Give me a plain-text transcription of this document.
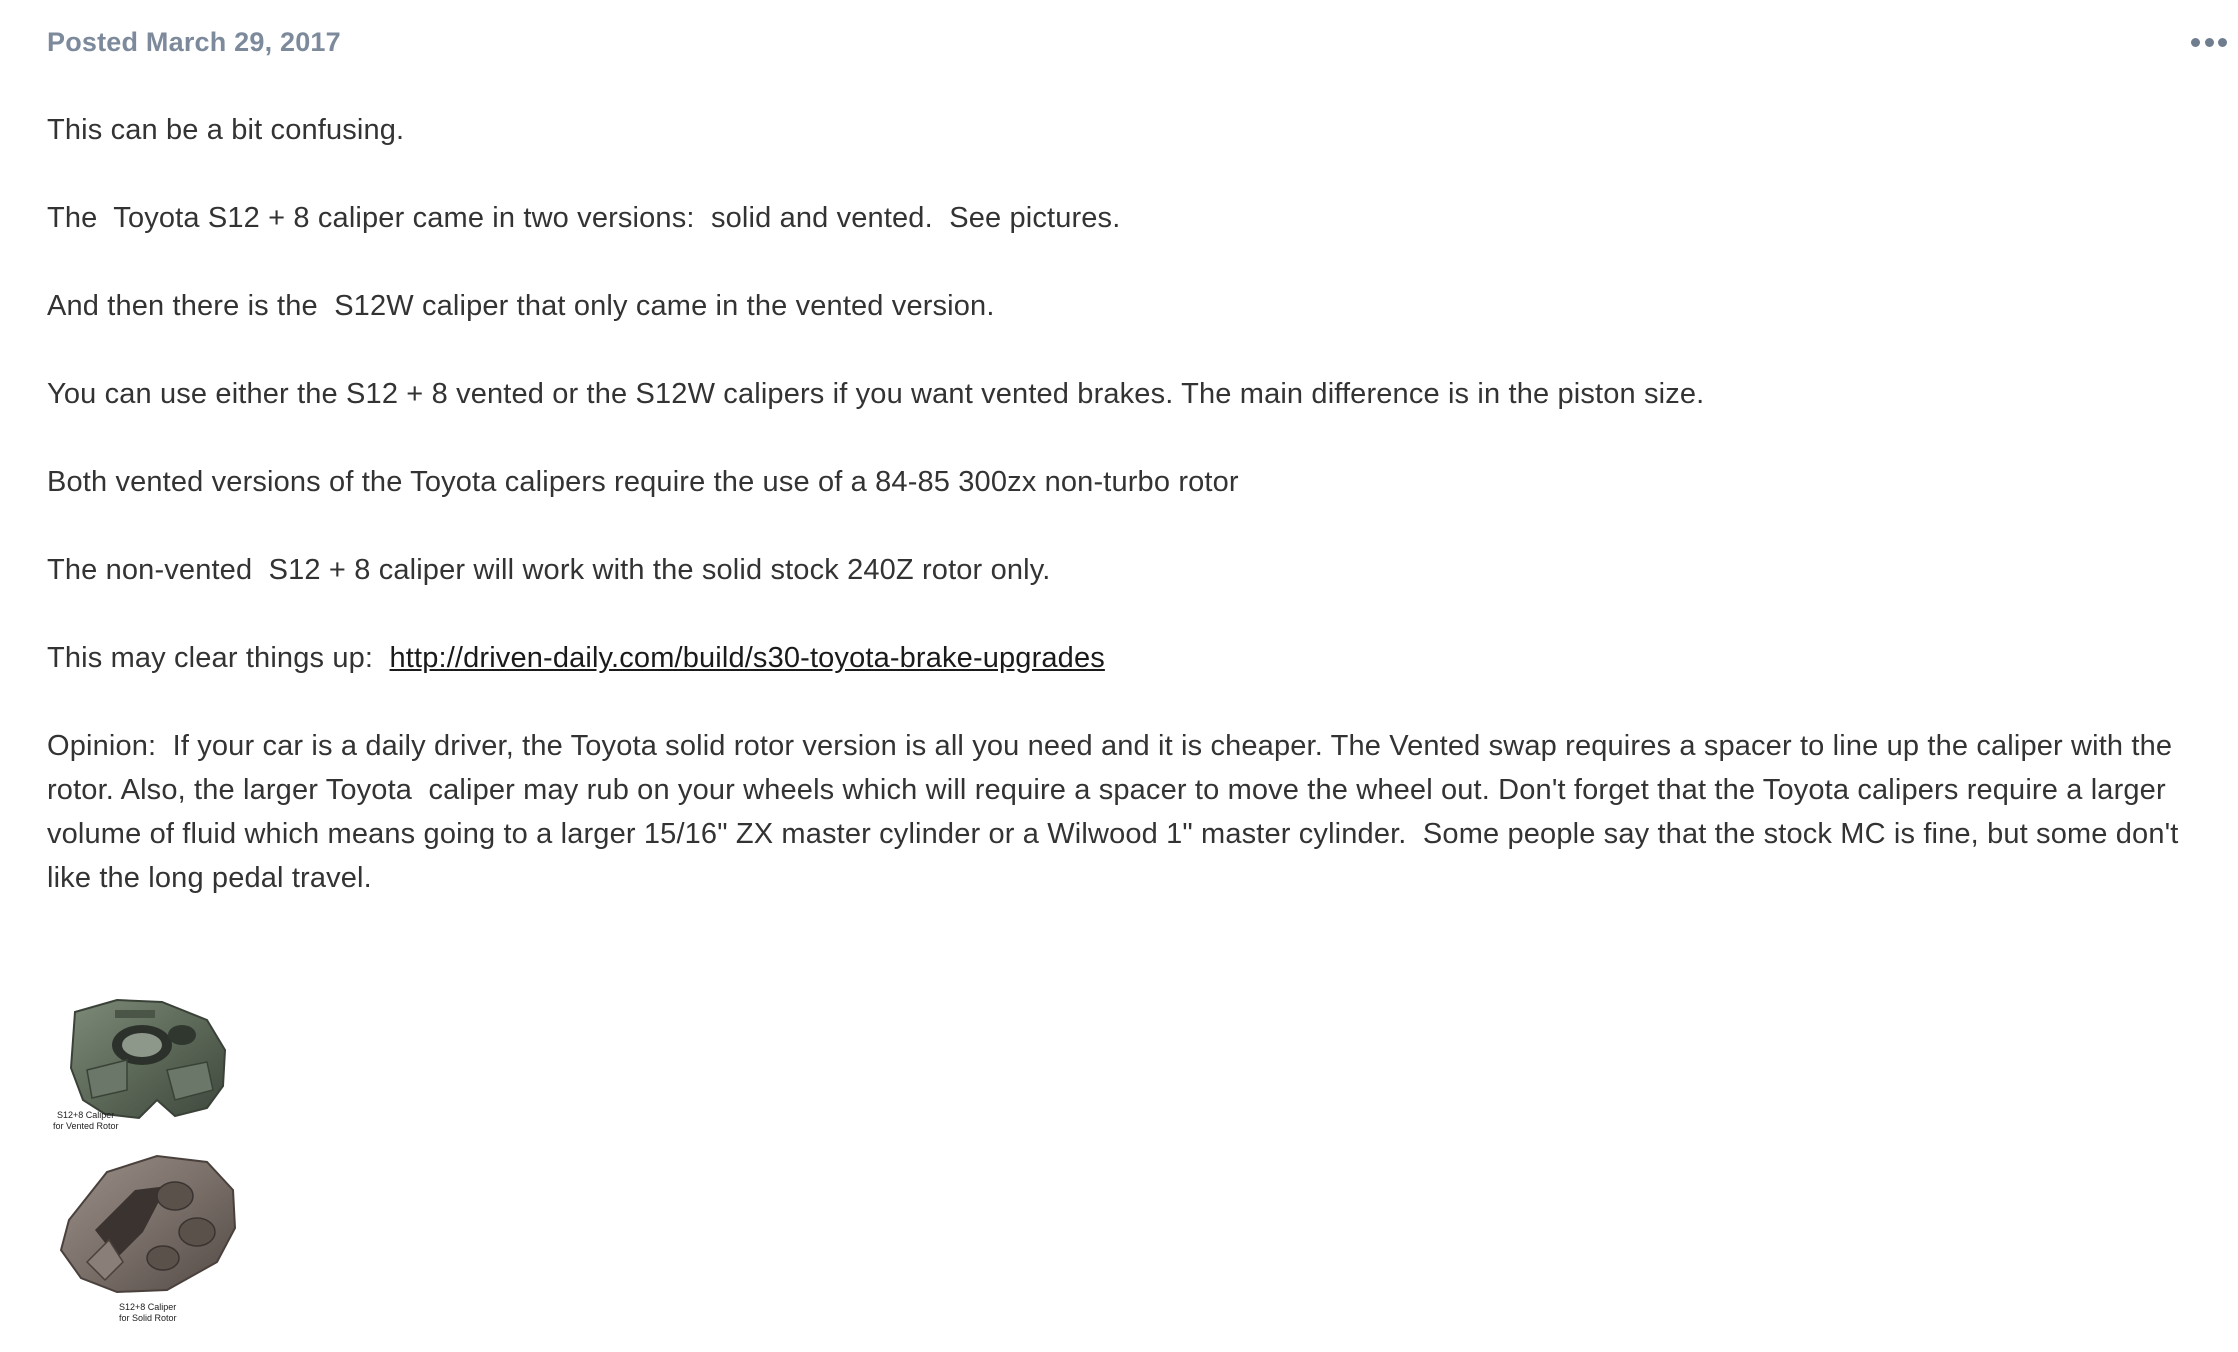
Posted March 29, 2017

This can be a bit confusing.

The  Toyota S12 + 8 caliper came in two versions:  solid and vented.  See pictures.

And then there is the  S12W caliper that only came in the vented version.

You can use either the S12 + 8 vented or the S12W calipers if you want vented brakes. The main difference is in the piston size.

Both vented versions of the Toyota calipers require the use of a 84-85 300zx non-turbo rotor

The non-vented  S12 + 8 caliper will work with the solid stock 240Z rotor only.

This may clear things up:  http://driven-daily.com/build/s30-toyota-brake-upgrades

Opinion:  If your car is a daily driver, the Toyota solid rotor version is all you need and it is cheaper. The Vented swap requires a spacer to line up the caliper with the rotor. Also, the larger Toyota  caliper may rub on your wheels which will require a spacer to move the wheel out. Don't forget that the Toyota calipers require a larger volume of fluid which means going to a larger 15/16" ZX master cylinder or a Wilwood 1" master cylinder.  Some people say that the stock MC is fine, but some don't  like the long pedal travel.

S12+8 Caliper
for Vented Rotor
S12+8 Caliper
for Solid Rotor
